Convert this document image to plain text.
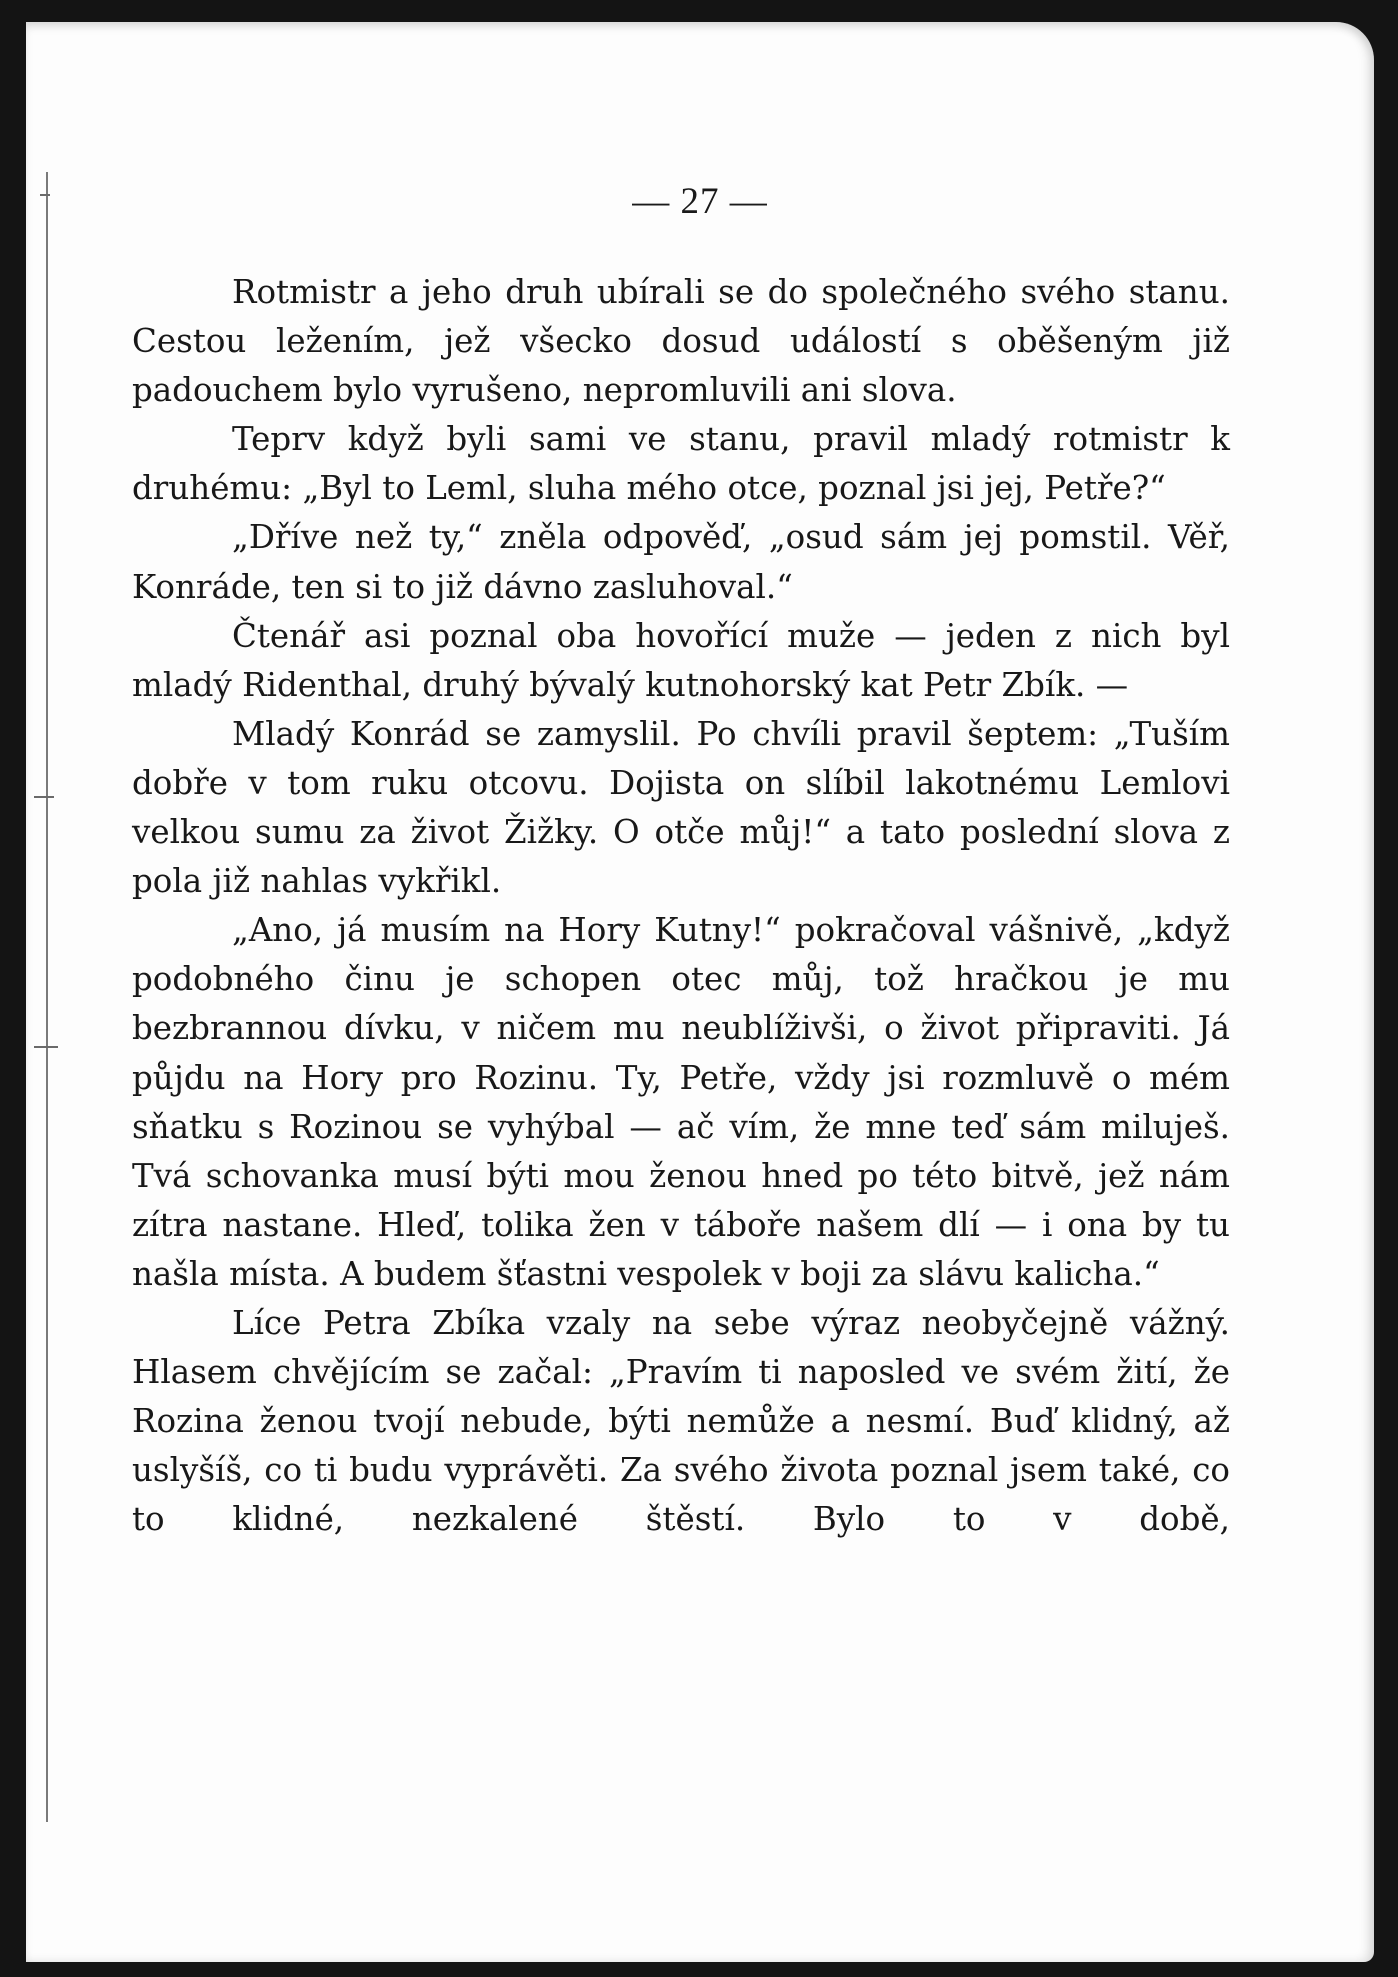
— 27 —

Rotmistr a jeho druh ubírali se do společného svého stanu. Cestou ležením, jež všecko dosud událostí s oběšeným již padouchem bylo vyrušeno, nepromluvili ani slova.

Teprv když byli sami ve stanu, pravil mladý rotmistr k druhému: „Byl to Leml, sluha mého otce, poznal jsi jej, Petře?“

„Dříve než ty,“ zněla odpověď, „osud sám jej pomstil. Věř, Konráde, ten si to již dávno zasluhoval.“

Čtenář asi poznal oba hovořící muže — jeden z nich byl mladý Ridenthal, druhý bývalý kutnohorský kat Petr Zbík. —

Mladý Konrád se zamyslil. Po chvíli pravil šeptem: „Tuším dobře v tom ruku otcovu. Dojista on slíbil lakotnému Lemlovi velkou sumu za život Žižky. O otče můj!“ a tato poslední slova z pola již nahlas vykřikl.

„Ano, já musím na Hory Kutny!“ pokračoval vášnivě, „když podobného činu je schopen otec můj, tož hračkou je mu bezbrannou dívku, v ničem mu neublíživši, o život připraviti. Já půjdu na Hory pro Rozinu. Ty, Petře, vždy jsi rozmluvě o mém sňatku s Rozinou se vyhýbal — ač vím, že mne teď sám miluješ. Tvá schovanka musí býti mou ženou hned po této bitvě, jež nám zítra nastane. Hleď, tolika žen v táboře našem dlí — i ona by tu našla místa. A budem šťastni vespolek v boji za slávu kalicha.“

Líce Petra Zbíka vzaly na sebe výraz neobyčejně vážný. Hlasem chvějícím se začal: „Pravím ti naposled ve svém žití, že Rozina ženou tvojí nebude, býti nemůže a nesmí. Buď klidný, až uslyšíš, co ti budu vyprávěti. Za svého života poznal jsem také, co to klidné, nezkalené štěstí. Bylo to v době,
